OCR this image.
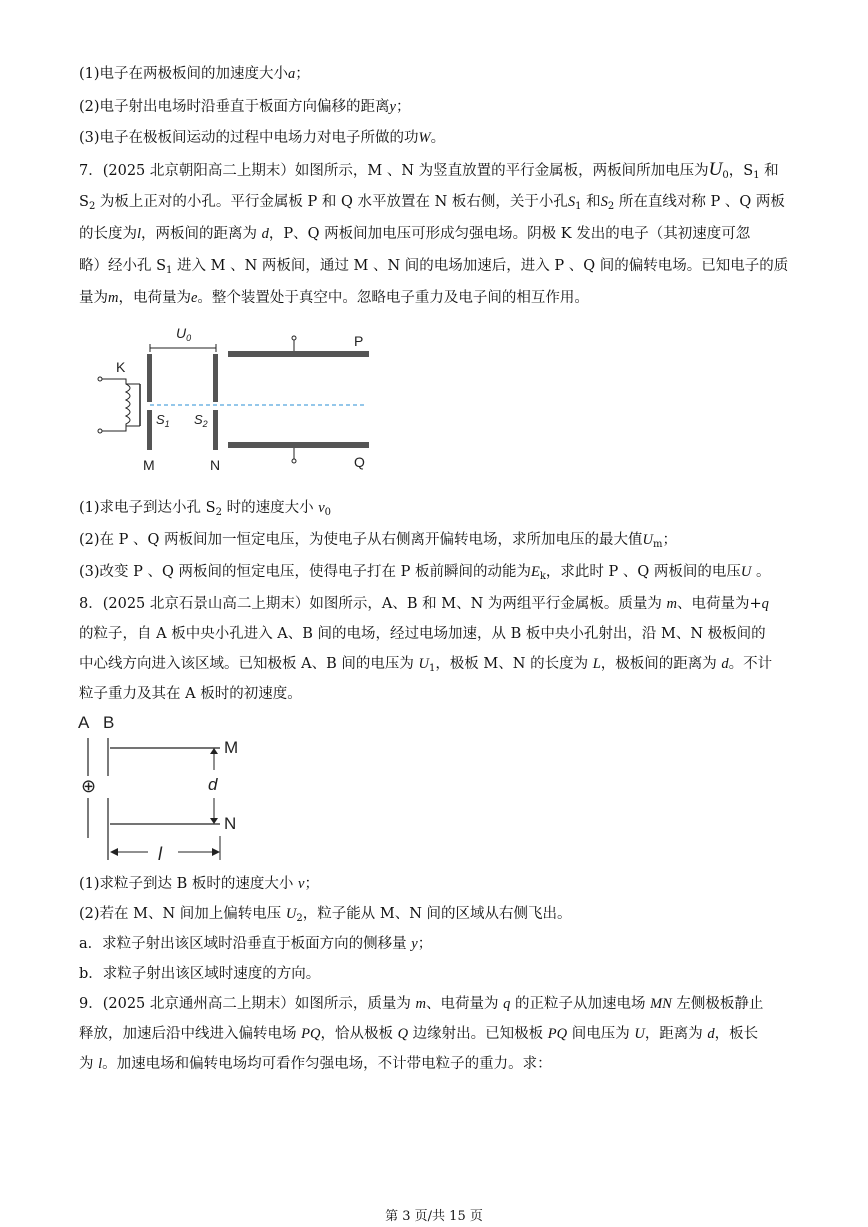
(1)电子在两极板间的加速度大小a；
(2)电子射出电场时沿垂直于板面方向偏移的距离y；
(3)电子在极板间运动的过程中电场力对电子所做的功W。
7．(2025 北京朝阳高二上期末）如图所示，M 、N 为竖直放置的平行金属板，两板间所加电压为$U_0$，$S_1$ 和
$S_2$ 为板上正对的小孔。平行金属板 P 和 Q 水平放置在 N 板右侧，关于小孔$S_1$ 和$S_2$ 所在直线对称 P 、Q 两板
的长度为l，两板间的距离为 d，P、Q 两板间加电压可形成匀强电场。阴极 K 发出的电子（其初速度可忽
略）经小孔 $S_1$ 进入 M 、N 两板间，通过 M 、N 间的电场加速后，进入 P 、Q 间的偏转电场。已知电子的质
量为m，电荷量为e。整个装置处于真空中。忽略电子重力及电子间的相互作用。
$U_0$	P
Q
K
$S_1$ $S_2$
M	N
(1)求电子到达小孔 $S_2$ 时的速度大小 $v_0$
(2)在 P 、Q 两板间加一恒定电压，为使电子从右侧离开偏转电场，求所加电压的最大值$U_m$；
(3)改变 P 、Q 两板间的恒定电压，使得电子打在 P 板前瞬间的动能为$E_k$，求此时 P 、Q 两板间的电压U 。
8．(2025 北京石景山高二上期末）如图所示，A、B 和 M、N 为两组平行金属板。质量为 m、电荷量为+q
的粒子，自 A 板中央小孔进入 A、B 间的电场，经过电场加速，从 B 板中央小孔射出，沿 M、N 极板间的
中心线方向进入该区域。已知极板 A、B 间的电压为 $U_1$，极板 M、N 的长度为 L，极板间的距离为 d。不计
粒子重力及其在 A 板时的初速度。
A B
⊕
M
N
d
l
(1)求粒子到达 B 板时的速度大小 v；
(2)若在 M、N 间加上偏转电压 $U_2$，粒子能从 M、N 间的区域从右侧飞出。
a．求粒子射出该区域时沿垂直于板面方向的侧移量 y；
b．求粒子射出该区域时速度的方向。
9．(2025 北京通州高二上期末）如图所示，质量为 m、电荷量为 q 的正粒子从加速电场 MN 左侧极板静止
释放，加速后沿中线进入偏转电场 PQ，恰从极板 Q 边缘射出。已知极板 PQ 间电压为 U，距离为 d，板长
为 l。加速电场和偏转电场均可看作匀强电场，不计带电粒子的重力。求：
第 3 页/共 15 页
